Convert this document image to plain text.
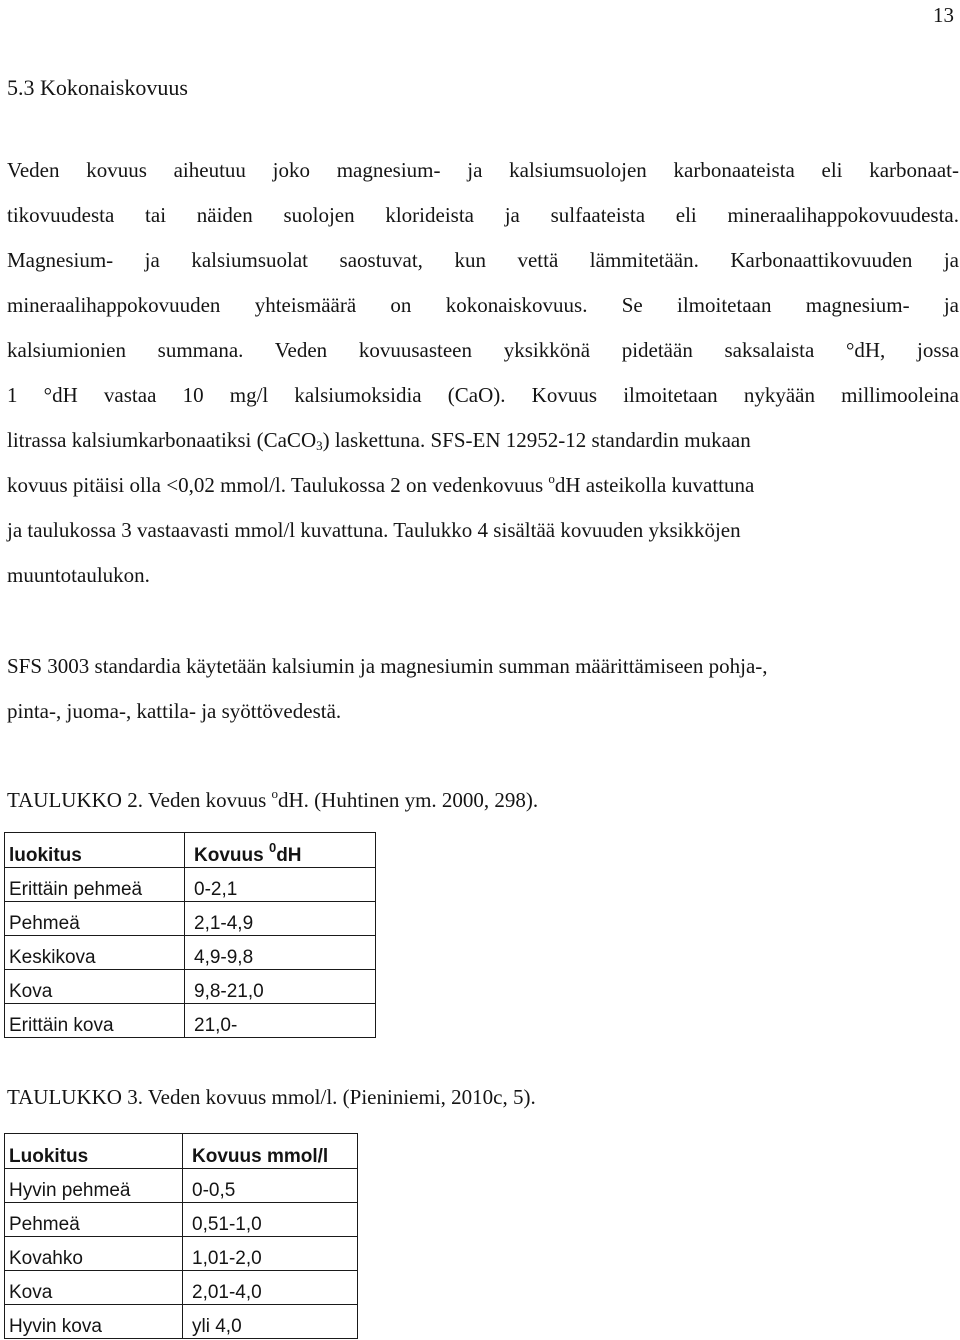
13
5.3 Kokonaiskovuus
Veden kovuus aiheutuu joko magnesium- ja kalsiumsuolojen karbonaateista eli karbonaat-
tikovuudesta tai näiden suolojen klorideista ja sulfaateista eli mineraalihappokovuudesta.
Magnesium- ja kalsiumsuolat saostuvat, kun vettä lämmitetään. Karbonaattikovuuden ja
mineraalihappokovuuden yhteismäärä on kokonaiskovuus. Se ilmoitetaan magnesium- ja
kalsiumionien summana. Veden kovuusasteen yksikkönä pidetään saksalaista °dH, jossa
1 °dH vastaa 10 mg/l kalsiumoksidia (CaO). Kovuus ilmoitetaan nykyään millimooleina
litrassa kalsiumkarbonaatiksi (CaCO$_3$) laskettuna. SFS-EN 12952-12 standardin mukaan
kovuus pitäisi olla <0,02 mmol/l. Taulukossa 2 on vedenkovuus $^o$dH asteikolla kuvattuna
ja taulukossa 3 vastaavasti mmol/l kuvattuna. Taulukko 4 sisältää kovuuden yksikköjen
muuntotaulukon.
SFS 3003 standardia käytetään kalsiumin ja magnesiumin summan määrittämiseen pohja-,
pinta-, juoma-, kattila- ja syöttövedestä.
TAULUKKO 2. Veden kovuus $^o$dH. (Huhtinen ym. 2000, 298).
luokitus	Kovuus $^0$dH
Erittäin pehmeä	0-2,1
Pehmeä	2,1-4,9
Keskikova	4,9-9,8
Kova	9,8-21,0
Erittäin kova	21,0-
TAULUKKO 3. Veden kovuus mmol/l. (Pieniniemi, 2010c, 5).
Luokitus	Kovuus mmol/l
Hyvin pehmeä	0-0,5
Pehmeä	0,51-1,0
Kovahko	1,01-2,0
Kova	2,01-4,0
Hyvin kova	yli 4,0
